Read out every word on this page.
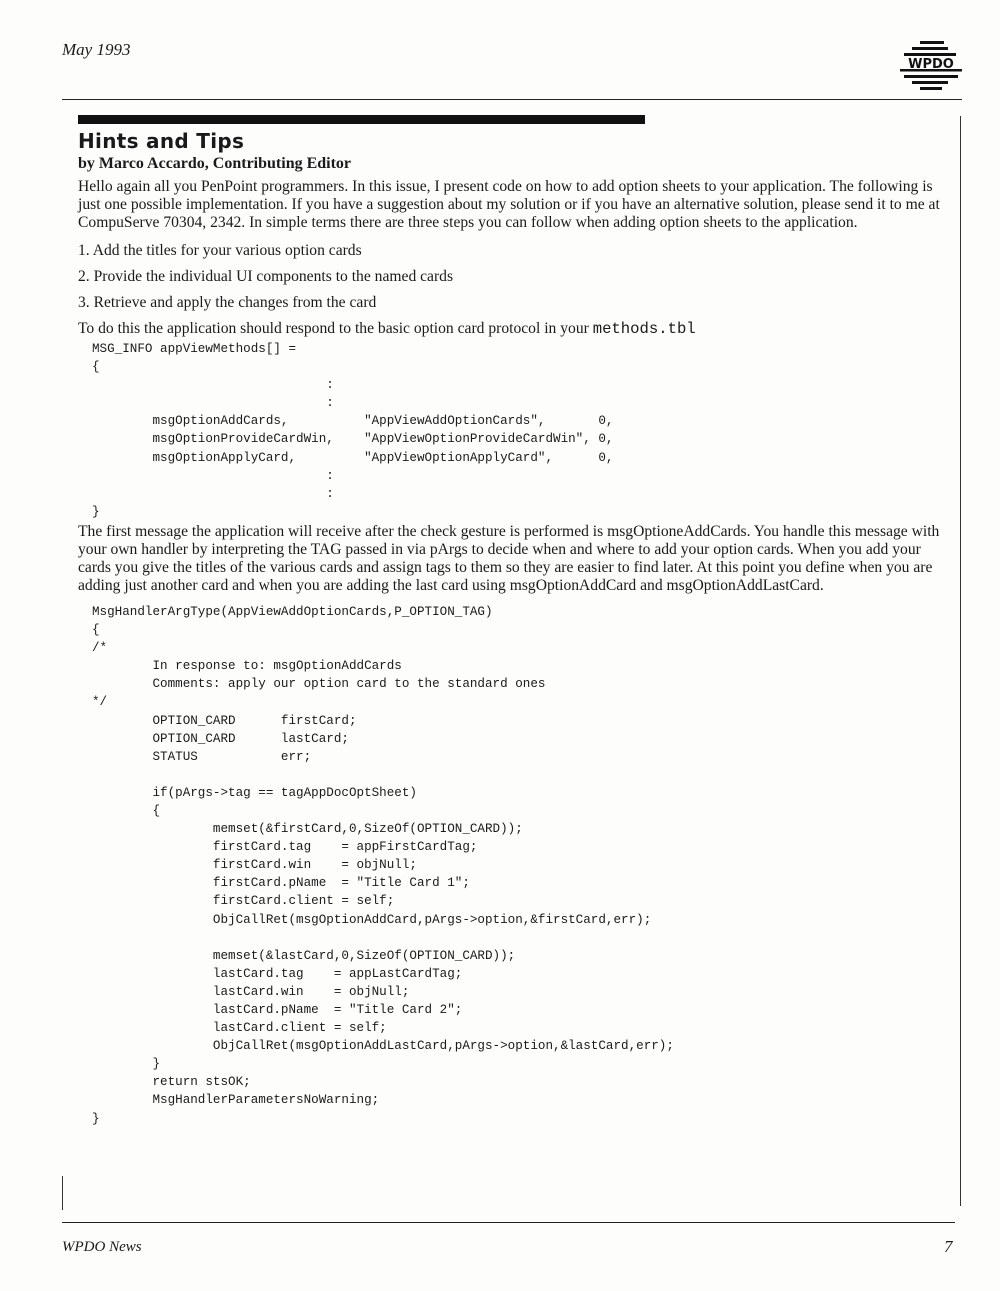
May 1993
WPDO
Hints and Tips
by Marco Accardo, Contributing Editor

Hello again all you PenPoint programmers. In this issue, I present code on how to add option sheets to your application. The following is just one possible implementation. If you have a suggestion about my solution or if you have an alternative solution, please send it to me at CompuServe 70304, 2342. In simple terms there are three steps you can follow when adding option sheets to the application.

1. Add the titles for your various option cards
2. Provide the individual UI components to the named cards
3. Retrieve and apply the changes from the card

To do this the application should respond to the basic option card protocol in your methods.tbl

MSG_INFO appViewMethods[] =
{
:
:
msgOptionAddCards,          "AppViewAddOptionCards",       0,
msgOptionProvideCardWin,    "AppViewOptionProvideCardWin", 0,
msgOptionApplyCard,         "AppViewOptionApplyCard",      0,
:
:
}

The first message the application will receive after the check gesture is performed is msgOptioneAddCards. You handle this message with your own handler by interpreting the TAG passed in via pArgs to decide when and where to add your option cards. When you add your cards you give the titles of the various cards and assign tags to them so they are easier to find later. At this point you define when you are adding just another card and when you are adding the last card using msgOptionAddCard and msgOptionAddLastCard.

MsgHandlerArgType(AppViewAddOptionCards,P_OPTION_TAG)
{
/*
In response to: msgOptionAddCards
Comments: apply our option card to the standard ones
*/
OPTION_CARD      firstCard;
OPTION_CARD      lastCard;
STATUS           err;

if(pArgs->tag == tagAppDocOptSheet)
{
memset(&firstCard,0,SizeOf(OPTION_CARD));
firstCard.tag    = appFirstCardTag;
firstCard.win    = objNull;
firstCard.pName  = "Title Card 1";
firstCard.client = self;
ObjCallRet(msgOptionAddCard,pArgs->option,&firstCard,err);

memset(&lastCard,0,SizeOf(OPTION_CARD));
lastCard.tag    = appLastCardTag;
lastCard.win    = objNull;
lastCard.pName  = "Title Card 2";
lastCard.client = self;
ObjCallRet(msgOptionAddLastCard,pArgs->option,&lastCard,err);
}
return stsOK;
MsgHandlerParametersNoWarning;
}
WPDO News	7
